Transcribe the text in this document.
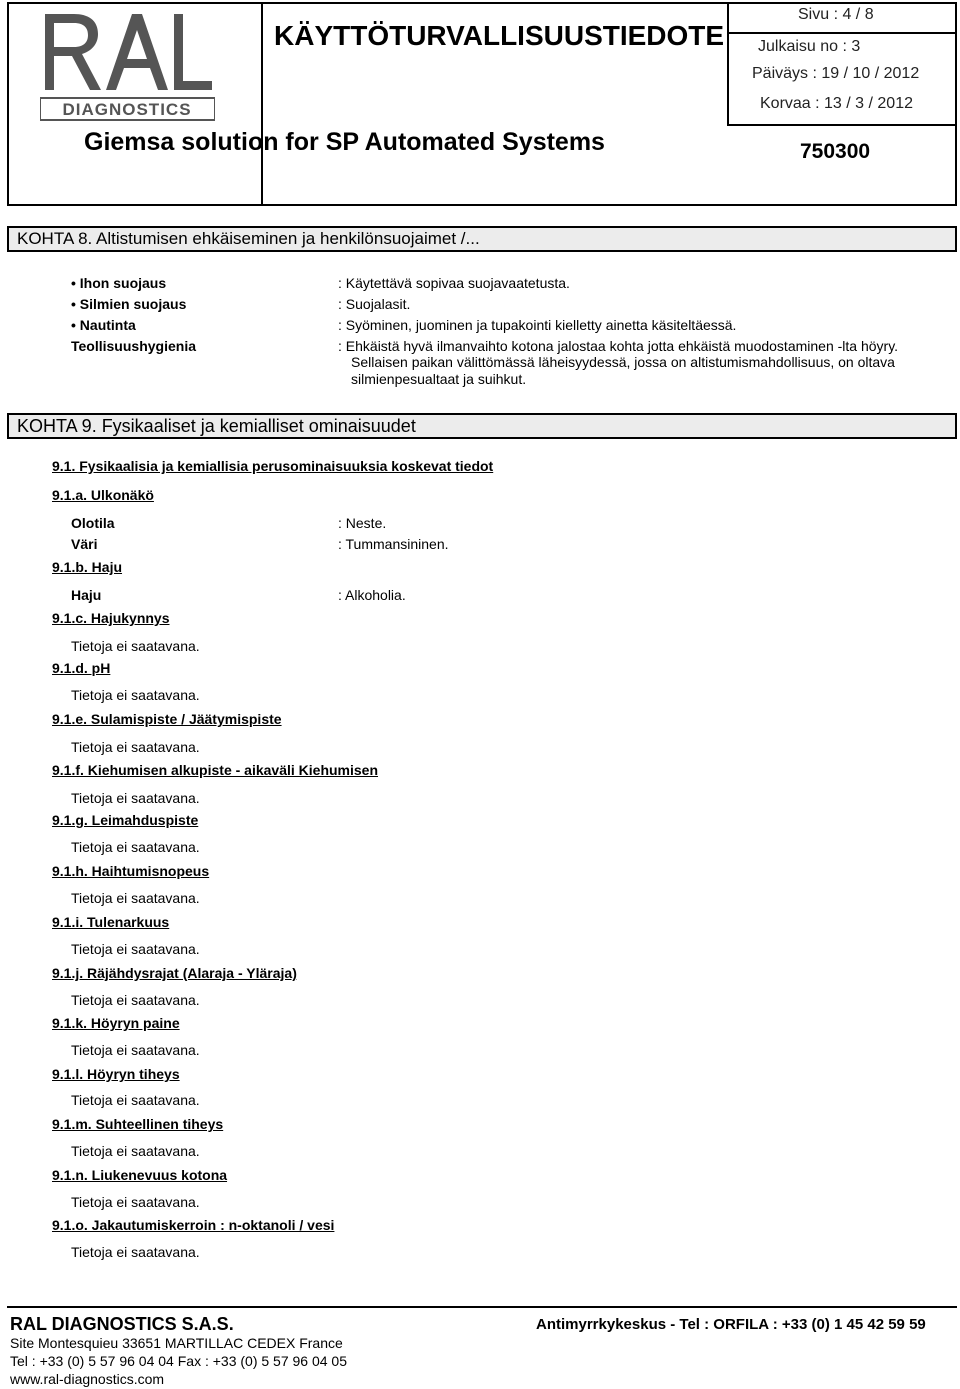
DIAGNOSTICS
KÄYTTÖTURVALLISUUSTIEDOTE
Giemsa solution for SP Automated Systems
Sivu : 4 / 8
Julkaisu no : 3
Päiväys : 19 / 10 / 2012
Korvaa : 13 / 3 / 2012
750300
KOHTA 8. Altistumisen ehkäiseminen ja henkilönsuojaimet /...
• Ihon suojaus	: Käytettävä sopivaa suojavaatetusta.
• Silmien suojaus	: Suojalasit.
• Nautinta	: Syöminen, juominen ja tupakointi kielletty ainetta käsiteltäessä.
Teollisuushygienia	: Ehkäistä hyvä ilmanvaihto kotona jalostaa kohta jotta ehkäistä muodostaminen -lta höyry.
Sellaisen paikan välittömässä läheisyydessä, jossa on altistumismahdollisuus, on oltava
silmienpesualtaat ja suihkut.
KOHTA 9. Fysikaaliset ja kemialliset ominaisuudet
9.1. Fysikaalisia ja kemiallisia perusominaisuuksia koskevat tiedot
9.1.a. Ulkonäkö
Olotila	: Neste.
Väri	: Tummansininen.
9.1.b. Haju
Haju	: Alkoholia.
9.1.c. Hajukynnys
Tietoja ei saatavana.
9.1.d. pH
Tietoja ei saatavana.
9.1.e. Sulamispiste / Jäätymispiste
Tietoja ei saatavana.
9.1.f. Kiehumisen alkupiste - aikaväli Kiehumisen
Tietoja ei saatavana.
9.1.g. Leimahduspiste
Tietoja ei saatavana.
9.1.h. Haihtumisnopeus
Tietoja ei saatavana.
9.1.i. Tulenarkuus
Tietoja ei saatavana.
9.1.j. Räjähdysrajat (Alaraja - Yläraja)
Tietoja ei saatavana.
9.1.k. Höyryn paine
Tietoja ei saatavana.
9.1.l. Höyryn tiheys
Tietoja ei saatavana.
9.1.m. Suhteellinen tiheys
Tietoja ei saatavana.
9.1.n. Liukenevuus kotona
Tietoja ei saatavana.
9.1.o. Jakautumiskerroin : n-oktanoli / vesi
Tietoja ei saatavana.
RAL DIAGNOSTICS S.A.S.
Site Montesquieu 33651 MARTILLAC CEDEX France
Tel : +33 (0) 5 57 96 04 04 Fax : +33 (0) 5 57 96 04 05
www.ral-diagnostics.com
Antimyrrkykeskus - Tel : ORFILA : +33 (0) 1 45 42 59 59
